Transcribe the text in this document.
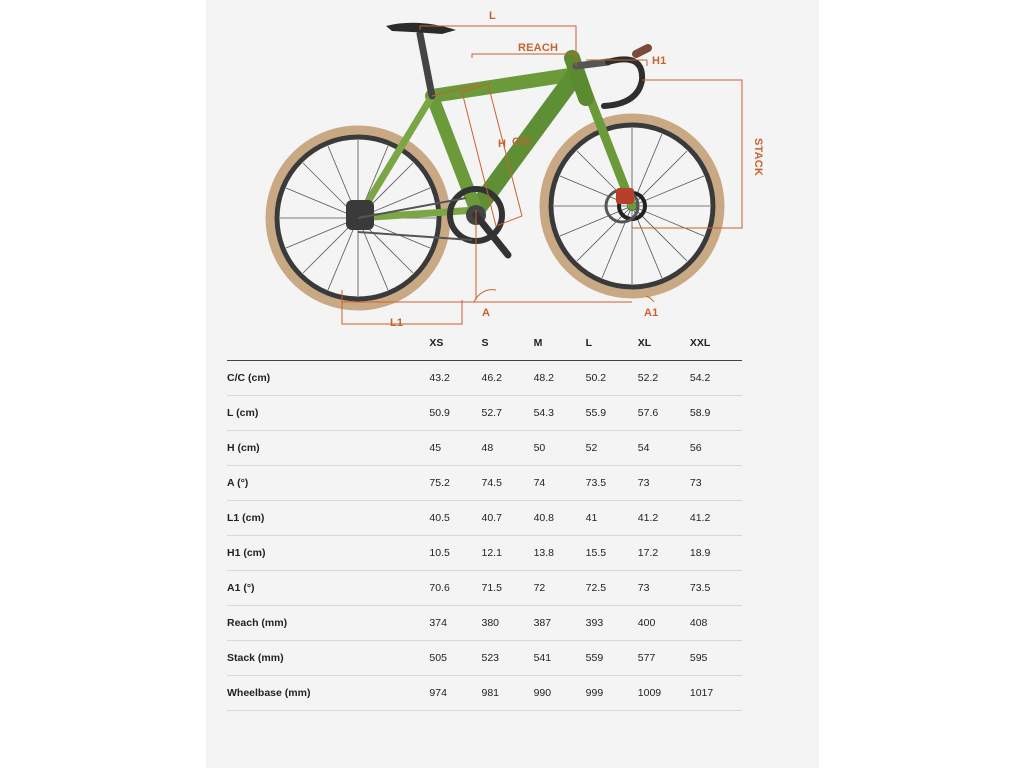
L
REACH
H1
STACK
C/C
H
A	A1
L1
	XS	S	M	L	XL	XXL
C/C (cm)	43.2	46.2	48.2	50.2	52.2	54.2
L (cm)	50.9	52.7	54.3	55.9	57.6	58.9
H (cm)	45	48	50	52	54	56
A (°)	75.2	74.5	74	73.5	73	73
L1 (cm)	40.5	40.7	40.8	41	41.2	41.2
H1 (cm)	10.5	12.1	13.8	15.5	17.2	18.9
A1 (°)	70.6	71.5	72	72.5	73	73.5
Reach (mm)	374	380	387	393	400	408
Stack (mm)	505	523	541	559	577	595
Wheelbase (mm)	974	981	990	999	1009	1017
